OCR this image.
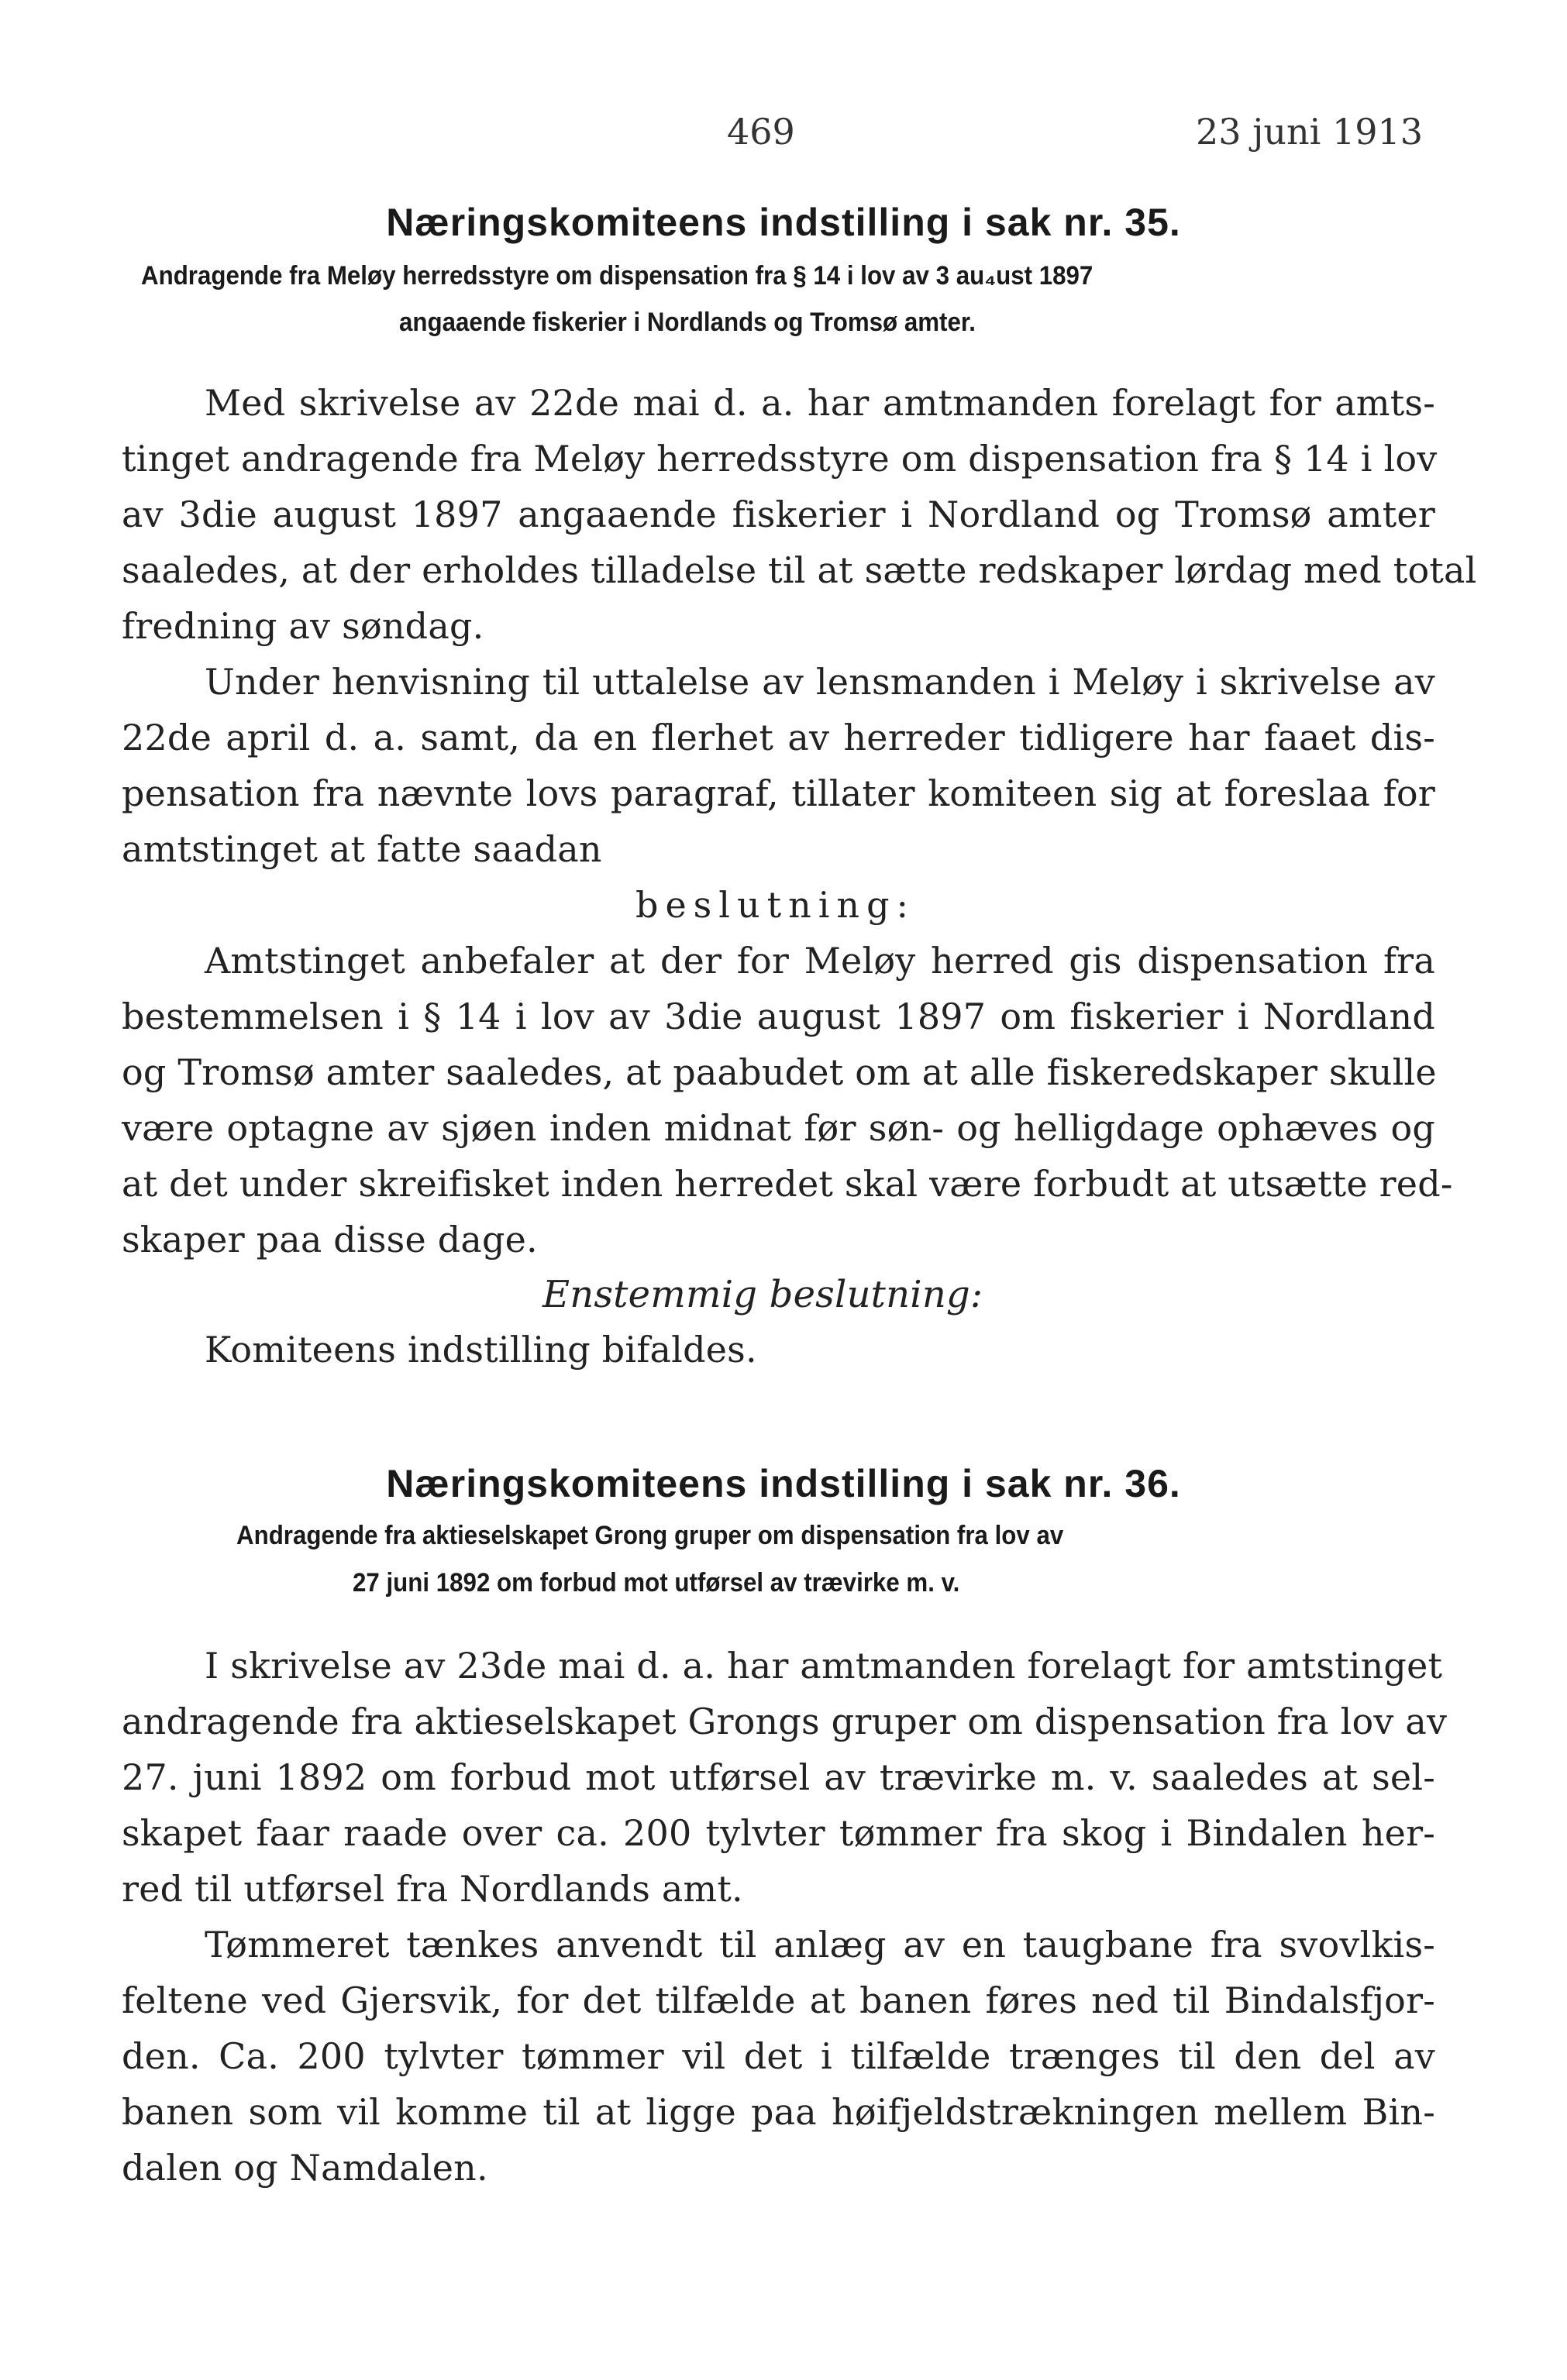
469	23 juni 1913
Næringskomiteens indstilling i sak nr. 35.
Andragende fra Meløy herredsstyre om dispensation fra § 14 i lov av 3 au₄ust 1897
angaaende fiskerier i Nordlands og Tromsø amter.
Med skrivelse av 22de mai d. a. har amtmanden forelagt for amts-
tinget andragende fra Meløy herredsstyre om dispensation fra § 14 i lov
av 3die august 1897 angaaende fiskerier i Nordland og Tromsø amter
saaledes, at der erholdes tilladelse til at sætte redskaper lørdag med total
fredning av søndag.
Under henvisning til uttalelse av lensmanden i Meløy i skrivelse av
22de april d. a. samt, da en flerhet av herreder tidligere har faaet dis-
pensation fra nævnte lovs paragraf, tillater komiteen sig at foreslaa for
amtstinget at fatte saadan
beslutning:
Amtstinget anbefaler at der for Meløy herred gis dispensation fra
bestemmelsen i § 14 i lov av 3die august 1897 om fiskerier i Nordland
og Tromsø amter saaledes, at paabudet om at alle fiskeredskaper skulle
være optagne av sjøen inden midnat før søn- og helligdage ophæves og
at det under skreifisket inden herredet skal være forbudt at utsætte red-
skaper paa disse dage.
Enstemmig beslutning:
Komiteens indstilling bifaldes.
Næringskomiteens indstilling i sak nr. 36.
Andragende fra aktieselskapet Grong gruper om dispensation fra lov av
27 juni 1892 om forbud mot utførsel av trævirke m. v.
I skrivelse av 23de mai d. a. har amtmanden forelagt for amtstinget
andragende fra aktieselskapet Grongs gruper om dispensation fra lov av
27. juni 1892 om forbud mot utførsel av trævirke m. v. saaledes at sel-
skapet faar raade over ca. 200 tylvter tømmer fra skog i Bindalen her-
red til utførsel fra Nordlands amt.
Tømmeret tænkes anvendt til anlæg av en taugbane fra svovlkis-
feltene ved Gjersvik, for det tilfælde at banen føres ned til Bindalsfjor-
den. Ca. 200 tylvter tømmer vil det i tilfælde trænges til den del av
banen som vil komme til at ligge paa høifjeldstrækningen mellem Bin-
dalen og Namdalen.
